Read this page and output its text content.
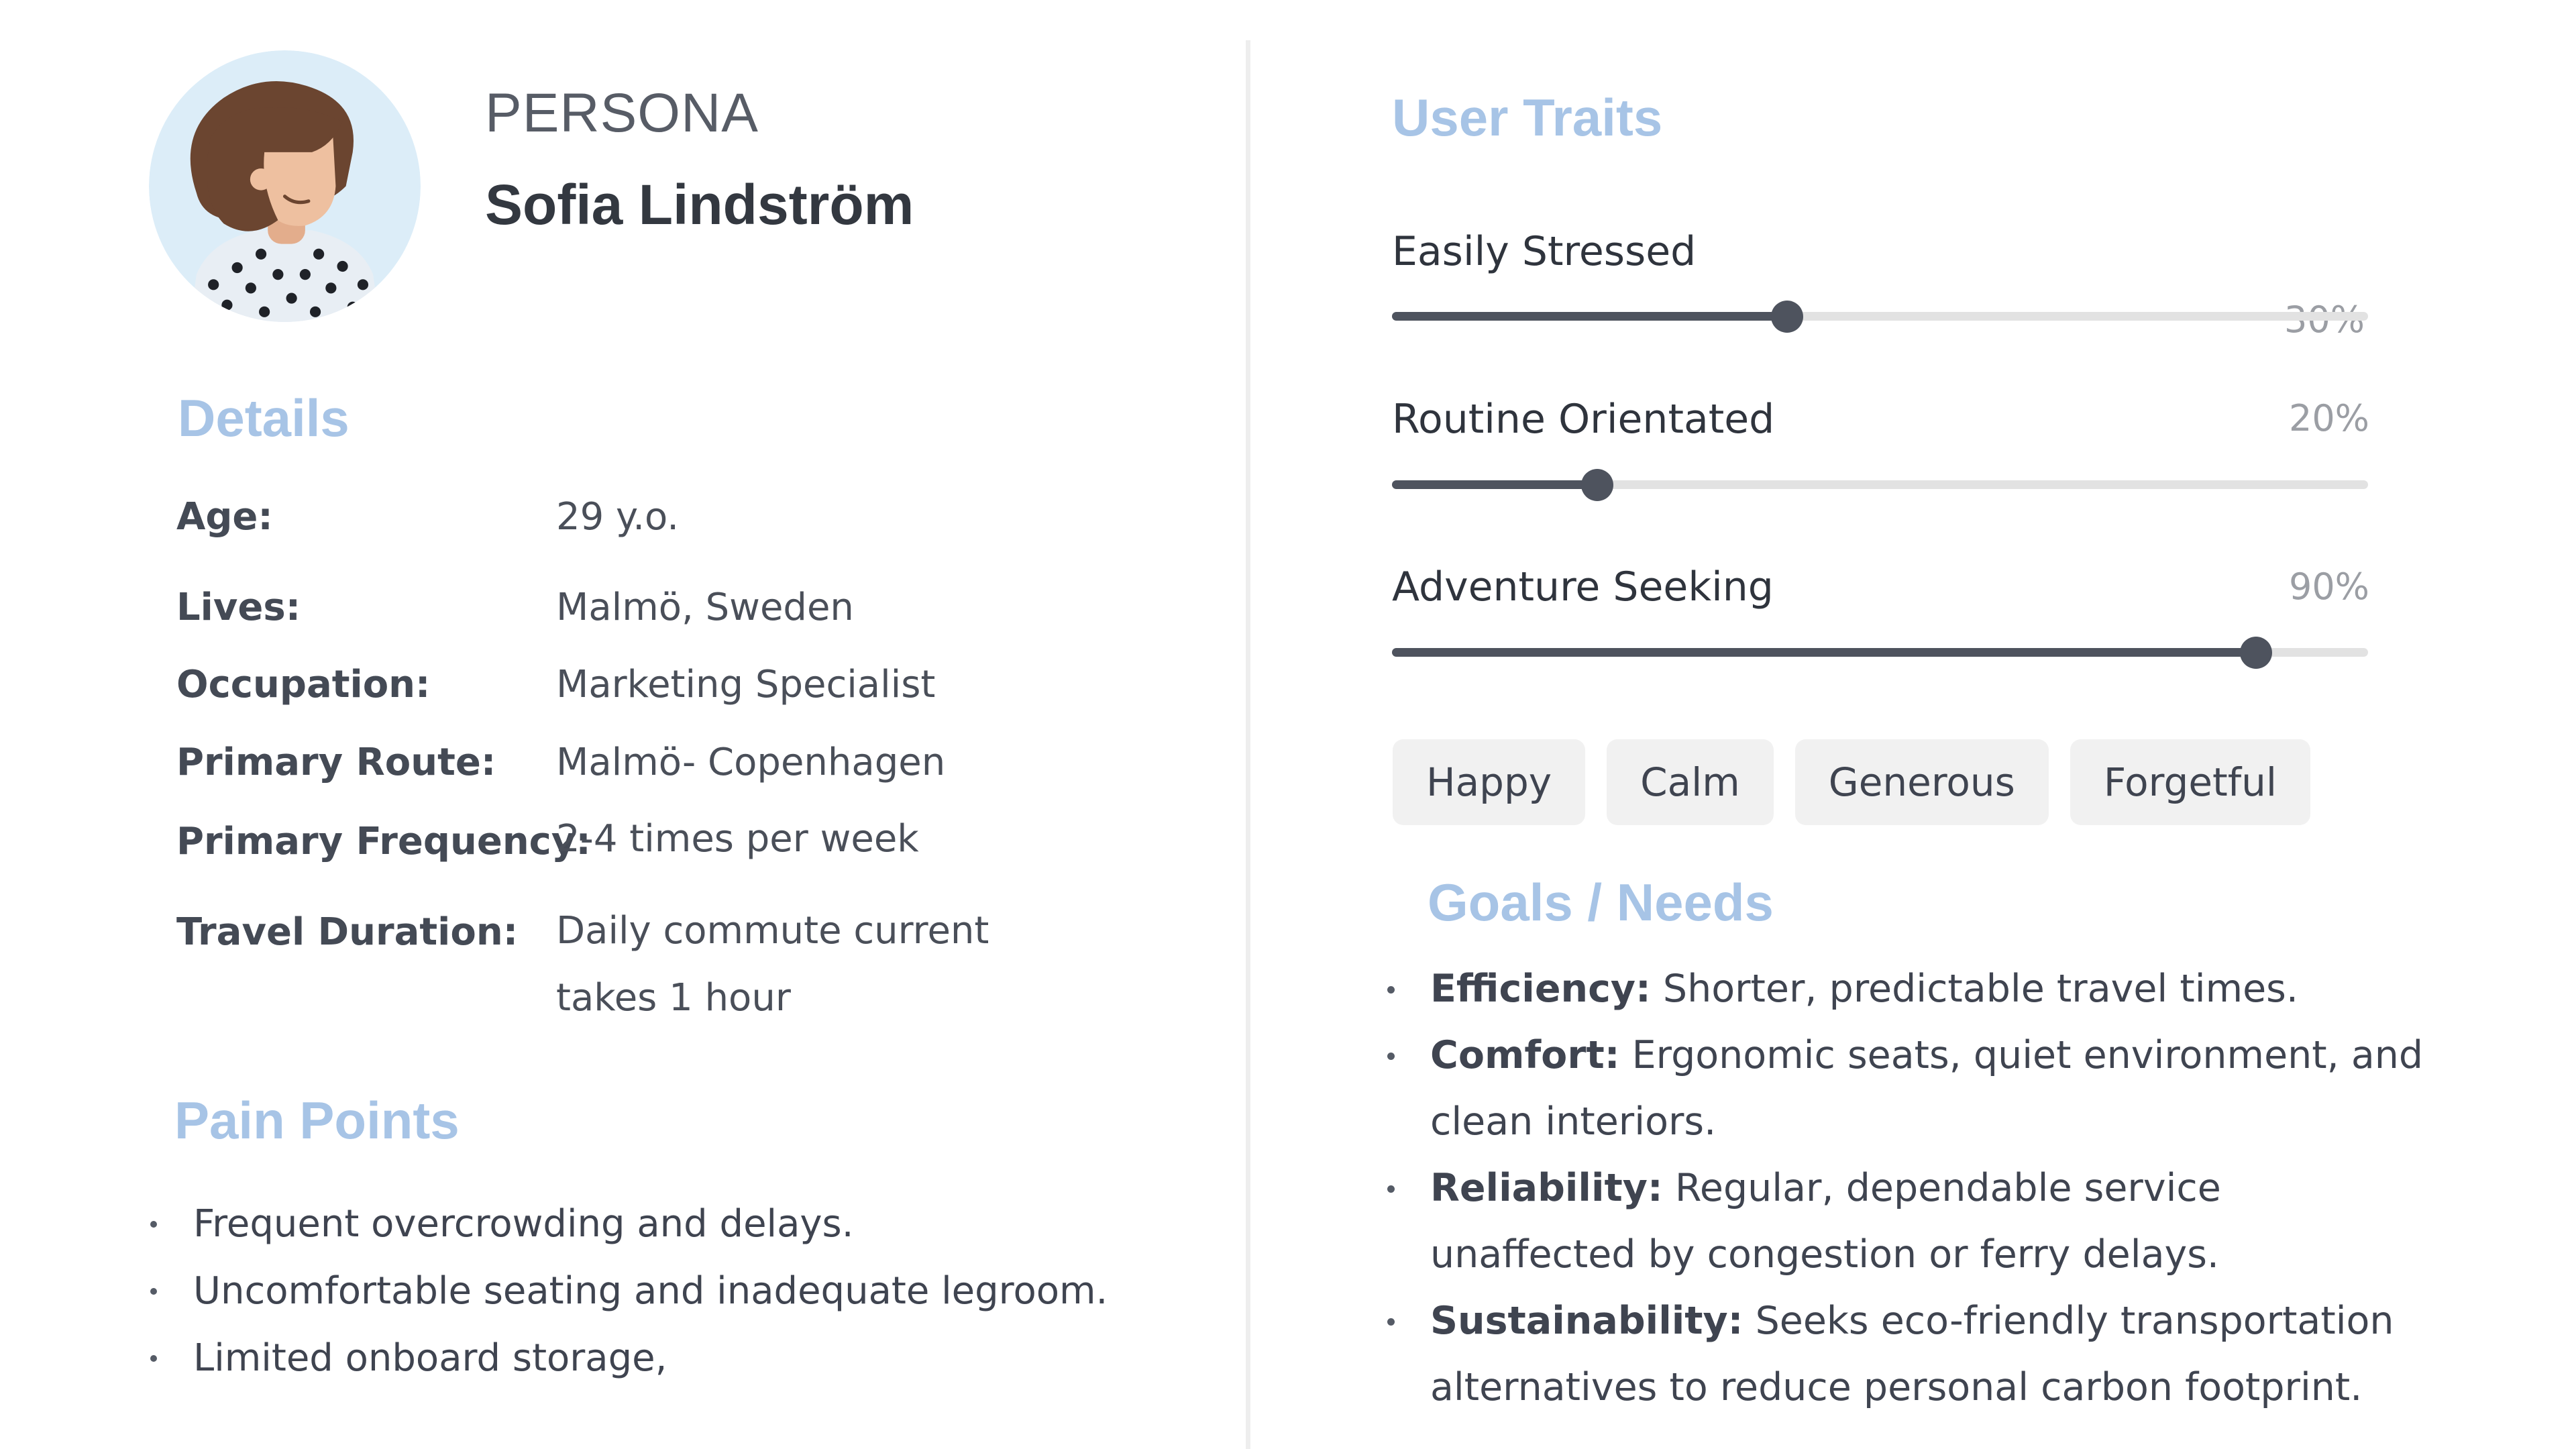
PERSONA
Sofia Lindström
Details
Age:	29 y.o.
Lives:	Malmö, Sweden
Occupation:	Marketing Specialist
Primary Route: Malmö- Copenhagen
Primary Frequency:
2-4 times per week
Travel Duration: Daily commute current
takes 1 hour
Pain Points
Frequent overcrowding and delays.
Uncomfortable seating and inadequate legroom.
Limited onboard storage,
User Traits
Easily Stressed
Routine Orientated	20%
Adventure Seeking	90%
Happy	Calm	Generous	Forgetful
Goals / Needs
Efficiency: Shorter, predictable travel times.
Comfort: Ergonomic seats, quiet environment, and clean interiors.
Reliability: Regular, dependable service unaffected by congestion or ferry delays.
Sustainability: Seeks eco-friendly transportation alternatives to reduce personal carbon footprint.
